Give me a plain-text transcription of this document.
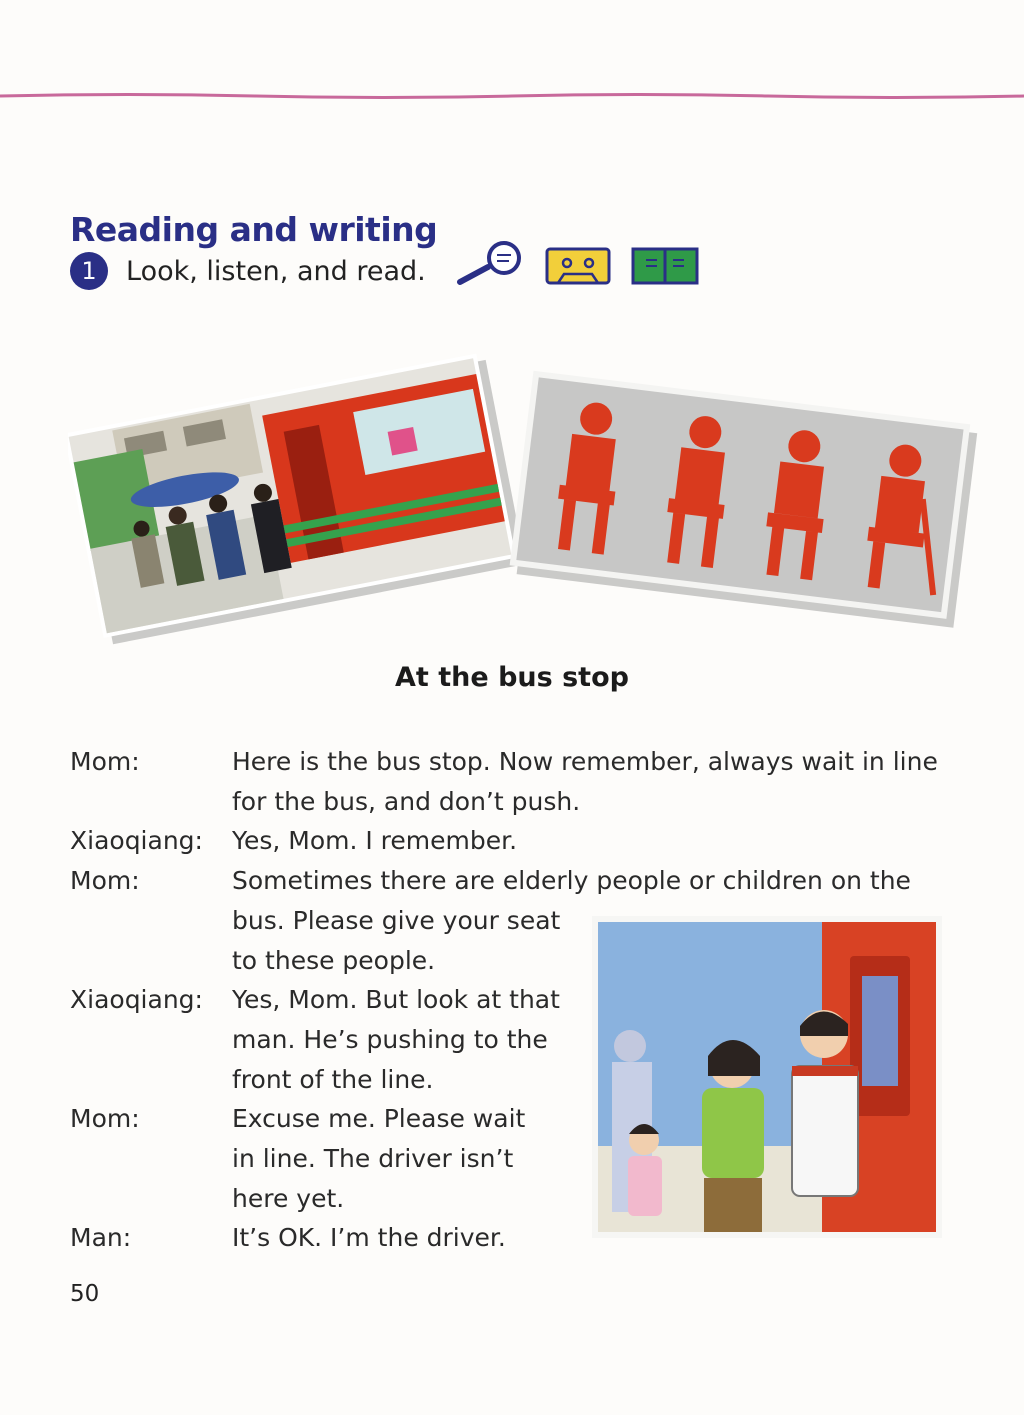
Reading and writing
1	Look, listen, and read.
At the bus stop
Mom:	Here is the bus stop. Now remember, always wait in line
for the bus, and don’t push.
Xiaoqiang:	Yes, Mom. I remember.
Mom:	Sometimes there are elderly people or children on the
bus. Please give your seat
to these people.
Xiaoqiang:	Yes, Mom. But look at that
man. He’s pushing to the
front of the line.
Mom:	Excuse me. Please wait
in line. The driver isn’t
here yet.
Man:	It’s OK. I’m the driver.
50
